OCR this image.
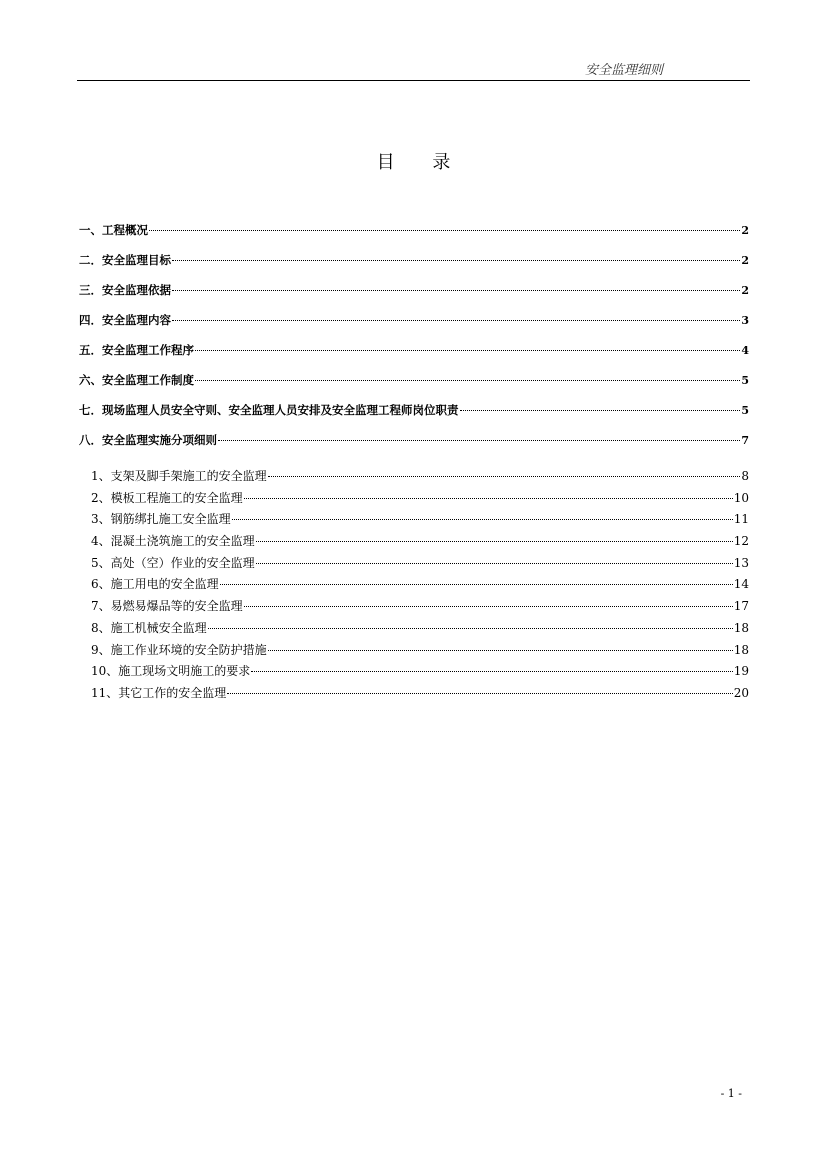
安全监理细则
目 录
一、工程概况	2
二．安全监理目标	2
三．安全监理依据	2
四．安全监理内容	3
五．安全监理工作程序	4
六、安全监理工作制度	5
七．现场监理人员安全守则、安全监理人员安排及安全监理工程师岗位职责	5
八．安全监理实施分项细则	7
1、支架及脚手架施工的安全监理	8
2、模板工程施工的安全监理	10
3、钢筋绑扎施工安全监理	11
4、混凝土浇筑施工的安全监理	12
5、高处（空）作业的安全监理	13
6、施工用电的安全监理	14
7、易燃易爆品等的安全监理	17
8、施工机械安全监理	18
9、施工作业环境的安全防护措施	18
10、施工现场文明施工的要求	19
11、其它工作的安全监理	20
- 1 -
